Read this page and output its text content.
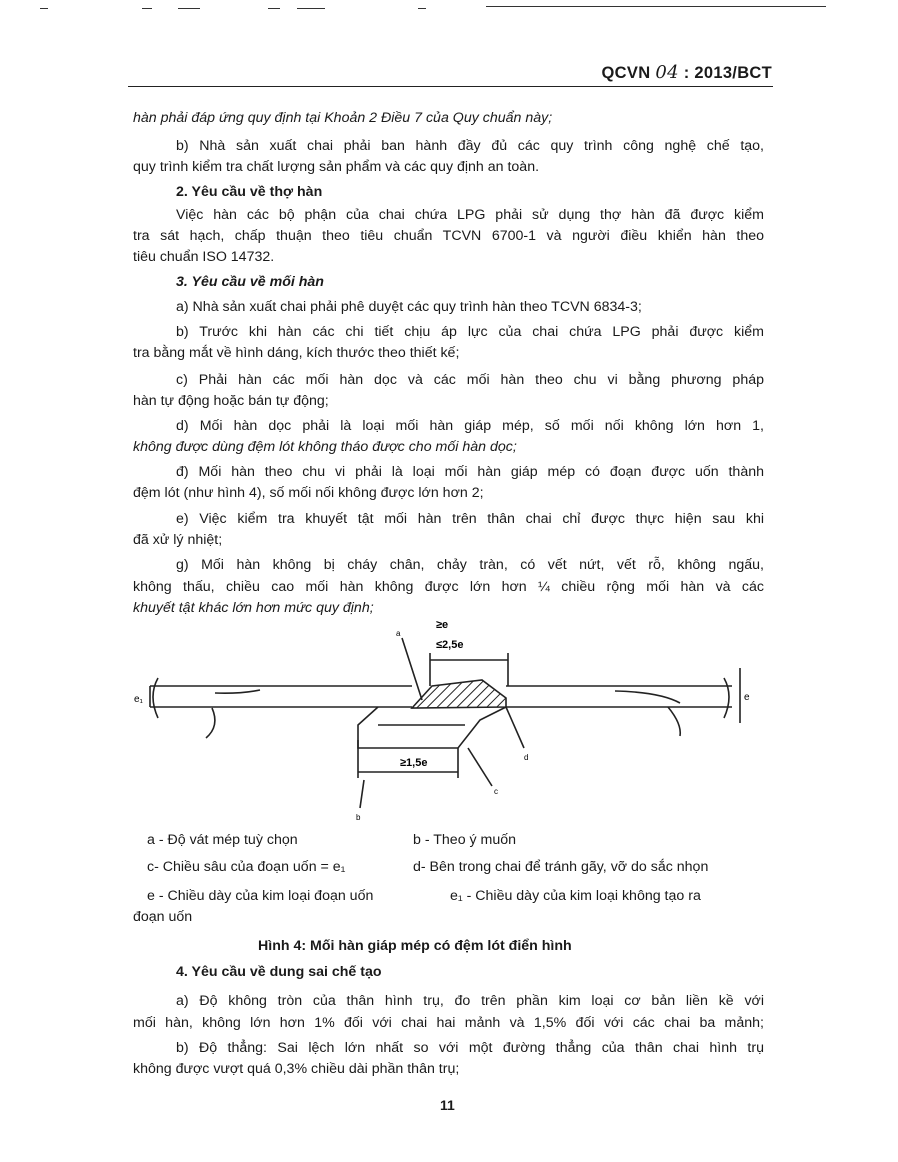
QCVN 04 : 2013/BCT
hàn phải đáp ứng quy định tại Khoản 2 Điều 7 của Quy chuẩn này;
b) Nhà sản xuất chai phải ban hành đầy đủ các quy trình công nghệ chế tạo,
quy trình kiểm tra chất lượng sản phẩm và các quy định an toàn.
2. Yêu cầu về thợ hàn
Việc hàn các bộ phận của chai chứa LPG phải sử dụng thợ hàn đã được kiểm
tra sát hạch, chấp thuận theo tiêu chuẩn TCVN 6700-1 và người điều khiển hàn theo
tiêu chuẩn ISO 14732.
3. Yêu cầu về mối hàn
a) Nhà sản xuất chai phải phê duyệt các quy trình hàn theo TCVN 6834-3;
b) Trước khi hàn các chi tiết chịu áp lực của chai chứa LPG phải được kiểm
tra bằng mắt về hình dáng, kích thước theo thiết kế;
c) Phải hàn các mối hàn dọc và các mối hàn theo chu vi bằng phương pháp
hàn tự động hoặc bán tự động;
d) Mối hàn dọc phải là loại mối hàn giáp mép, số mối nối không lớn hơn 1,
không được dùng đệm lót không tháo được cho mối hàn dọc;
đ) Mối hàn theo chu vi phải là loại mối hàn giáp mép có đoạn được uốn thành
đệm lót (như hình 4), số mối nối không được lớn hơn 2;
e) Việc kiểm tra khuyết tật mối hàn trên thân chai chỉ được thực hiện sau khi
đã xử lý nhiệt;
g) Mối hàn không bị cháy chân, chảy tràn, có vết nứt, vết rỗ, không ngấu,
không thấu, chiều cao mối hàn không được lớn hơn ¼ chiều rộng mối hàn và các
khuyết tật khác lớn hơn mức quy định;
≥e
≤2,5e
≥1,5e
e₁	e
a
b
c
d
a - Độ vát mép tuỳ chọn	b - Theo ý muốn
c- Chiều sâu của đoạn uốn = e₁	d- Bên trong chai để tránh gãy, vỡ do sắc nhọn
e - Chiều dày của kim loại đoạn uốn	e₁ - Chiều dày của kim loại không tạo ra
đoạn uốn
Hình 4: Mối hàn giáp mép có đệm lót điển hình
4. Yêu cầu về dung sai chế tạo
a) Độ không tròn của thân hình trụ, đo trên phần kim loại cơ bản liền kề với
mối hàn, không lớn hơn 1% đối với chai hai mảnh và 1,5% đối với các chai ba mảnh;
b) Độ thẳng: Sai lệch lớn nhất so với một đường thẳng của thân chai hình trụ
không được vượt quá 0,3% chiều dài phần thân trụ;
11
